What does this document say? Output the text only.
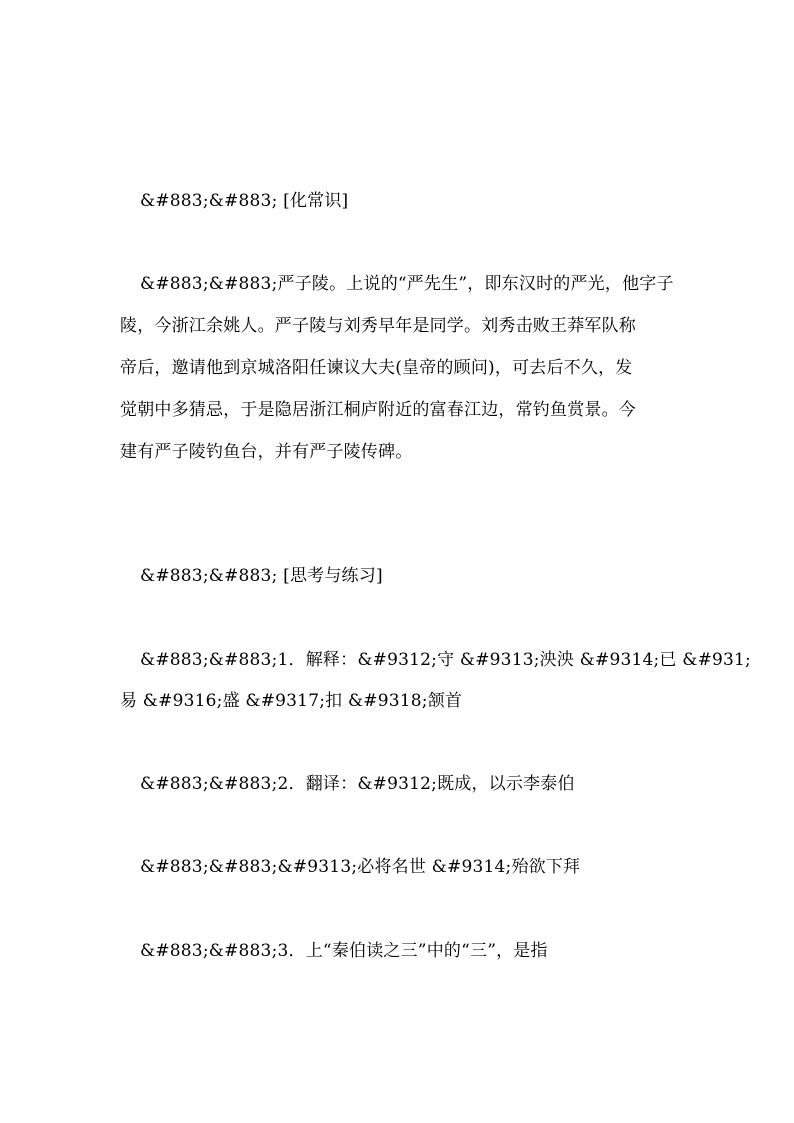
&#883;&#883; [化常识]
&#883;&#883;严子陵。上说的“严先生”，即东汉时的严光，他字子
陵，今浙江余姚人。严子陵与刘秀早年是同学。刘秀击败王莽军队称
帝后，邀请他到京城洛阳任谏议大夫(皇帝的顾问)，可去后不久，发
觉朝中多猜忌，于是隐居浙江桐庐附近的富春江边，常钓鱼赏景。今
建有严子陵钓鱼台，并有严子陵传碑。
&#883;&#883; [思考与练习]
&#883;&#883;1．解释：&#9312;守 &#9313;泱泱 &#9314;已 &#931;
易 &#9316;盛 &#9317;扣 &#9318;颔首
&#883;&#883;2．翻译：&#9312;既成，以示李泰伯
&#883;&#883;&#9313;必将名世 &#9314;殆欲下拜
&#883;&#883;3．上“秦伯读之三”中的“三”，是指
